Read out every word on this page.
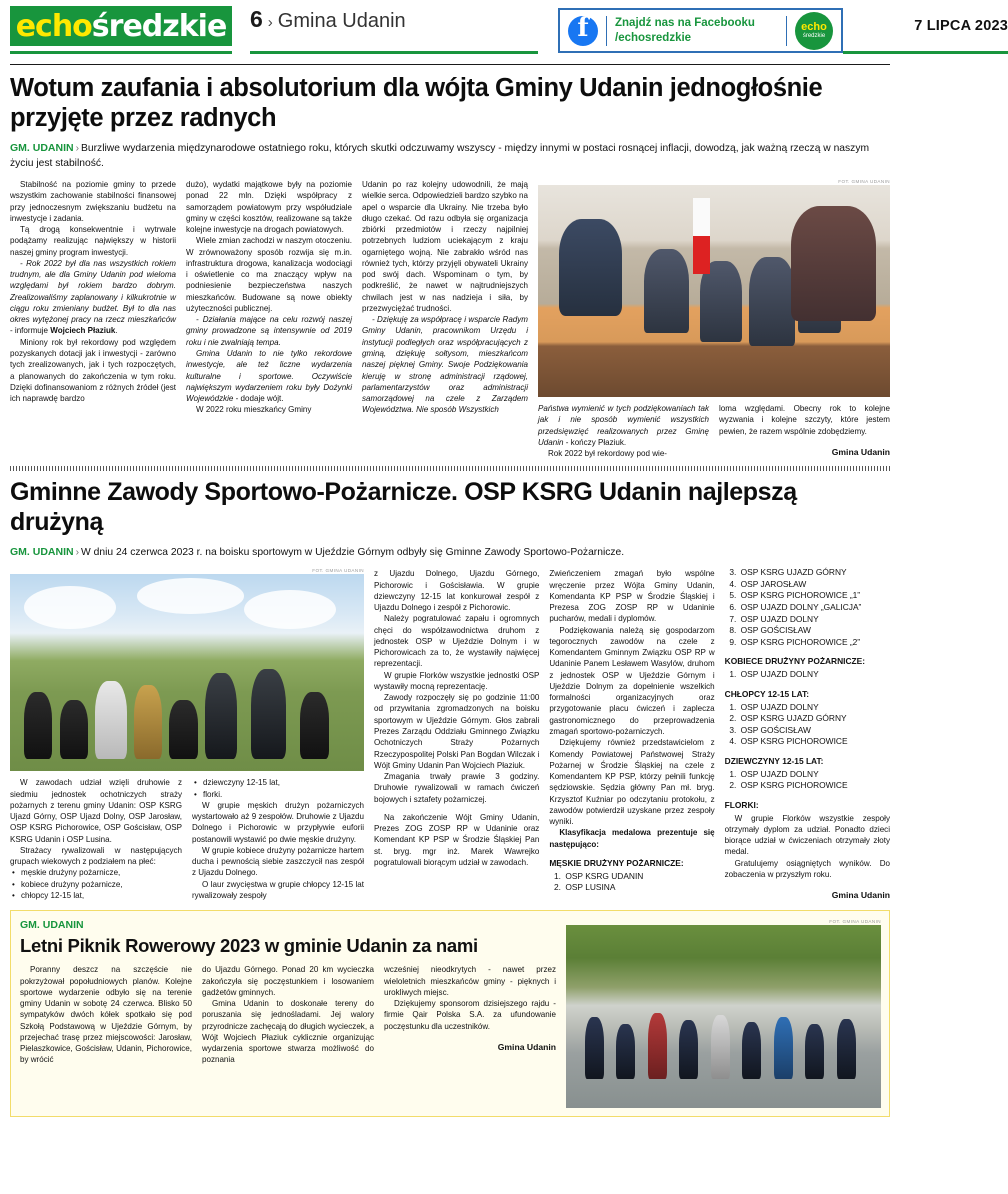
echo średzkie 6 › Gmina Udanin f	Znajdź nas na Facebooku
/echosredzkie
echo
średzkie
7 LIPCA 2023
Wotum zaufania i absolutorium dla wójta Gminy Udanin jednogłośnie przyjęte przez radnych
GM. UDANIN › Burzliwe wydarzenia międzynarodowe ostatniego roku, których skutki odczuwamy wszyscy - między innymi w postaci rosnącej inflacji, dowodzą, jak ważną rzeczą w naszym życiu jest stabilność.

Stabilność na poziomie gminy to przede wszystkim zachowanie stabilności finansowej przy jednoczesnym zwiększaniu budżetu na inwestycje i zadania.

Tą drogą konsekwentnie i wytrwale podążamy realizując największy w historii naszej gminy program inwestycji.

- Rok 2022 był dla nas wszystkich rokiem trudnym, ale dla Gminy Udanin pod wieloma względami był rokiem bardzo dobrym. Zrealizowaliśmy zaplanowany i kilkukrotnie w ciągu roku zmieniany budżet. Był to dla nas okres wytężonej pracy na rzecz mieszkańców - informuje Wojciech Płaziuk.

Miniony rok był rekordowy pod względem pozyskanych dotacji jak i inwestycji - zarówno tych zrealizowanych, jak i tych rozpoczętych, a planowanych do zakończenia w tym roku. Dzięki dofinansowaniom z różnych źródeł (jest ich naprawdę bardzo

dużo), wydatki majątkowe były na poziomie ponad 22 mln. Dzięki współpracy z samorządem powiatowym przy współudziale gminy w części kosztów, realizowane są także kolejne inwestycje na drogach powiatowych.

Wiele zmian zachodzi w naszym otoczeniu. W zrównoważony sposób rozwija się m.in. infrastruktura drogowa, kanalizacja wodociągi i oświetlenie co ma znaczący wpływ na podniesienie bezpieczeństwa naszych mieszkańców. Budowane są nowe obiekty użyteczności publicznej.

- Działania mające na celu rozwój naszej gminy prowadzone są intensywnie od 2019 roku i nie zwalniają tempa.

Gmina Udanin to nie tylko rekordowe inwestycje, ale też liczne wydarzenia kulturalne i sportowe. Oczywiście największym wydarzeniem roku były Dożynki Wojewódzkie - dodaje wójt.

W 2022 roku mieszkańcy Gminy

Udanin po raz kolejny udowodnili, że mają wielkie serca. Odpowiedzieli bardzo szybko na apel o wsparcie dla Ukrainy. Nie trzeba było długo czekać. Od razu odbyła się organizacja zbiórki przedmiotów i rzeczy najpilniej potrzebnych ludziom uciekającym z kraju ogarniętego wojną. Nie zabrakło wśród nas również tych, którzy przyjęli obywateli Ukrainy pod swój dach. Wspominam o tym, by podkreślić, że nawet w najtrudniejszych chwilach jest w nas nadzieja i siła, by przezwyciężać trudności.

- Dziękuję za współpracę i wsparcie Radym Gminy Udanin, pracownikom Urzędu i instytucji podległych oraz współpracujących z gminą, dziękuję sołtysom, mieszkańcom naszej pięknej Gminy. Swoje Podziękowania kieruję w stronę administracji rządowej, parlamentarzystów oraz administracji samorządowej na czele z Zarządem Województwa. Nie sposób Wszystkich

FOT. GMINA UDANIN

Państwa wymienić w tych podziękowaniach tak jak i nie sposób wymienić wszystkich przedsięwzięć realizowanych przez Gminę Udanin - kończy Płaziuk.

Rok 2022 był rekordowy pod wie-

loma względami. Obecny rok to kolejne wyzwania i kolejne szczyty, które jestem pewien, że razem wspólnie zdobędziemy.

Gmina Udanin
Gminne Zawody Sportowo-Pożarnicze. OSP KSRG Udanin najlepszą drużyną
GM. UDANIN › W dniu 24 czerwca 2023 r. na boisku sportowym w Ujeździe Górnym odbyły się Gminne Zawody Sportowo-Pożarnicze.
FOT. GMINA UDANIN

W zawodach udział wzięli druhowie z siedmiu jednostek ochotniczych straży pożarnych z terenu gminy Udanin: OSP KSRG Ujazd Górny, OSP Ujazd Dolny, OSP Jarosław, OSP KSRG Pichorowice, OSP Gościsław, OSP KSRG Udanin i OSP Lusina.

Strażacy rywalizowali w następujących grupach wiekowych z podziałem na płeć:

• męskie drużyny pożarnicze,
• kobiece drużyny pożarnicze,
• chłopcy 12-15 lat,
• dziewczyny 12-15 lat,
• florki.

W grupie męskich drużyn pożarniczych wystartowało aż 9 zespołów. Druhowie z Ujazdu Dolnego i Pichorowic w przypływie euforii postanowili wystawić po dwie męskie drużyny.

W grupie kobiece drużyny pożarnicze hartem ducha i pewnością siebie zaszczycił nas zespół z Ujazdu Dolnego.

O laur zwycięstwa w grupie chłopcy 12-15 lat rywalizowały zespoły

z Ujazdu Dolnego, Ujazdu Górnego, Pichorowic i Gościsławia. W grupie dziewczyny 12-15 lat konkurował zespół z Ujazdu Dolnego i zespół z Pichorowic.

Należy pogratulować zapału i ogromnych chęci do współzawodnictwa druhom z jednostek OSP w Ujeździe Dolnym i w Pichorowicach za to, że wystawiły najwięcej reprezentacji.

W grupie Florków wszystkie jednostki OSP wystawiły mocną reprezentację.

Zawody rozpoczęły się po godzinie 11:00 od przywitania zgromadzonych na boisku sportowym w Ujeździe Górnym. Głos zabrali Prezes Zarządu Oddziału Gminnego Związku Ochotniczych Straży Pożarnych Rzeczypospolitej Polski Pan Bogdan Wilczak i Wójt Gminy Udanin Pan Wojciech Płaziuk.

Zmagania trwały prawie 3 godziny. Druhowie rywalizowali w ramach ćwiczeń bojowych i sztafety pożarniczej.

Na zakończenie Wójt Gminy Udanin, Prezes ZOG ZOSP RP w Udaninie oraz Komendant KP PSP w Środzie Śląskiej Pan st. bryg. mgr inż. Marek Wawrejko pogratulowali biorącym udział w zawodach.

Zwieńczeniem zmagań było wspólne wręczenie przez Wójta Gminy Udanin, Komendanta KP PSP w Środzie Śląskiej i Prezesa ZOG ZOSP RP w Udaninie pucharów, medali i dyplomów.

Podziękowania należą się gospodarzom tegorocznych zawodów na czele z Komendantem Gminnym Związku OSP RP w Udaninie Panem Lesławem Wasylów, druhom z jednostek OSP w Ujeździe Górnym i Ujeździe Dolnym za dopełnienie wszelkich formalności organizacyjnych oraz przygotowanie placu ćwiczeń i zaplecza gastronomicznego do przeprowadzenia zmagań sportowo-pożarniczych.

Dziękujemy również przedstawicielom z Komendy Powiatowej Państwowej Straży Pożarnej w Środzie Śląskiej na czele z Komendantem KP PSP, którzy pełnili funkcję sędziowskie. Sędzia główny Pan mł. bryg. Krzysztof Kuźniar po odczytaniu protokołu, z zawodów potwierdził uzyskane przez zespoły wyniki.

Klasyfikacja medalowa prezentuje się następująco:

MĘSKIE DRUŻYNY POŻARNICZE:
1. OSP KSRG UDANIN
2. OSP LUSINA
3. OSP KSRG UJAZD GÓRNY
4. OSP JAROSŁAW
5. OSP KSRG PICHOROWICE „1”
6. OSP UJAZD DOLNY „GALICJA”
7. OSP UJAZD DOLNY
8. OSP GOŚCISŁAW
9. OSP KSRG PICHOROWICE „2”
KOBIECE DRUŻYNY POŻARNICZE:
1. OSP UJAZD DOLNY
CHŁOPCY 12-15 LAT:
1. OSP UJAZD DOLNY
2. OSP KSRG UJAZD GÓRNY
3. OSP GOŚCISŁAW
4. OSP KSRG PICHOROWICE
DZIEWCZYNY 12-15 LAT:
1. OSP UJAZD DOLNY
2. OSP KSRG PICHOROWICE
FLORKI:

W grupie Florków wszystkie zespoły otrzymały dyplom za udział. Ponadto dzieci biorące udział w ćwiczeniach otrzymały złoty medal.

Gratulujemy osiągniętych wyników. Do zobaczenia w przyszłym roku.

Gmina Udanin
GM. UDANIN
Letni Piknik Rowerowy 2023 w gminie Udanin za nami

Poranny deszcz na szczęście nie pokrzyżował popołudniowych planów. Kolejne sportowe wydarzenie odbyło się na terenie gminy Udanin w sobotę 24 czerwca. Blisko 50 sympatyków dwóch kółek spotkało się pod Szkołą Podstawową w Ujeździe Górnym, by przejechać trasę przez miejscowości: Jarosław, Pielaszkowice, Gościsław, Udanin, Pichorowice, by wrócić

do Ujazdu Górnego. Ponad 20 km wycieczka zakończyła się poczęstunkiem i losowaniem gadżetów gminnych.

Gmina Udanin to doskonałe tereny do poruszania się jednośladami. Jej walory przyrodnicze zachęcają do długich wycieczek, a Wójt Wojciech Płaziuk cyklicznie organizując wydarzenia sportowe stwarza możliwość do poznania

wcześniej nieodkrytych - nawet przez wieloletnich mieszkańców gminy - pięknych i urokliwych miejsc.

Dziękujemy sponsorom dzisiejszego rajdu - firmie Qair Polska S.A. za ufundowanie poczęstunku dla uczestników.

Gmina Udanin
FOT. GMINA UDANIN
